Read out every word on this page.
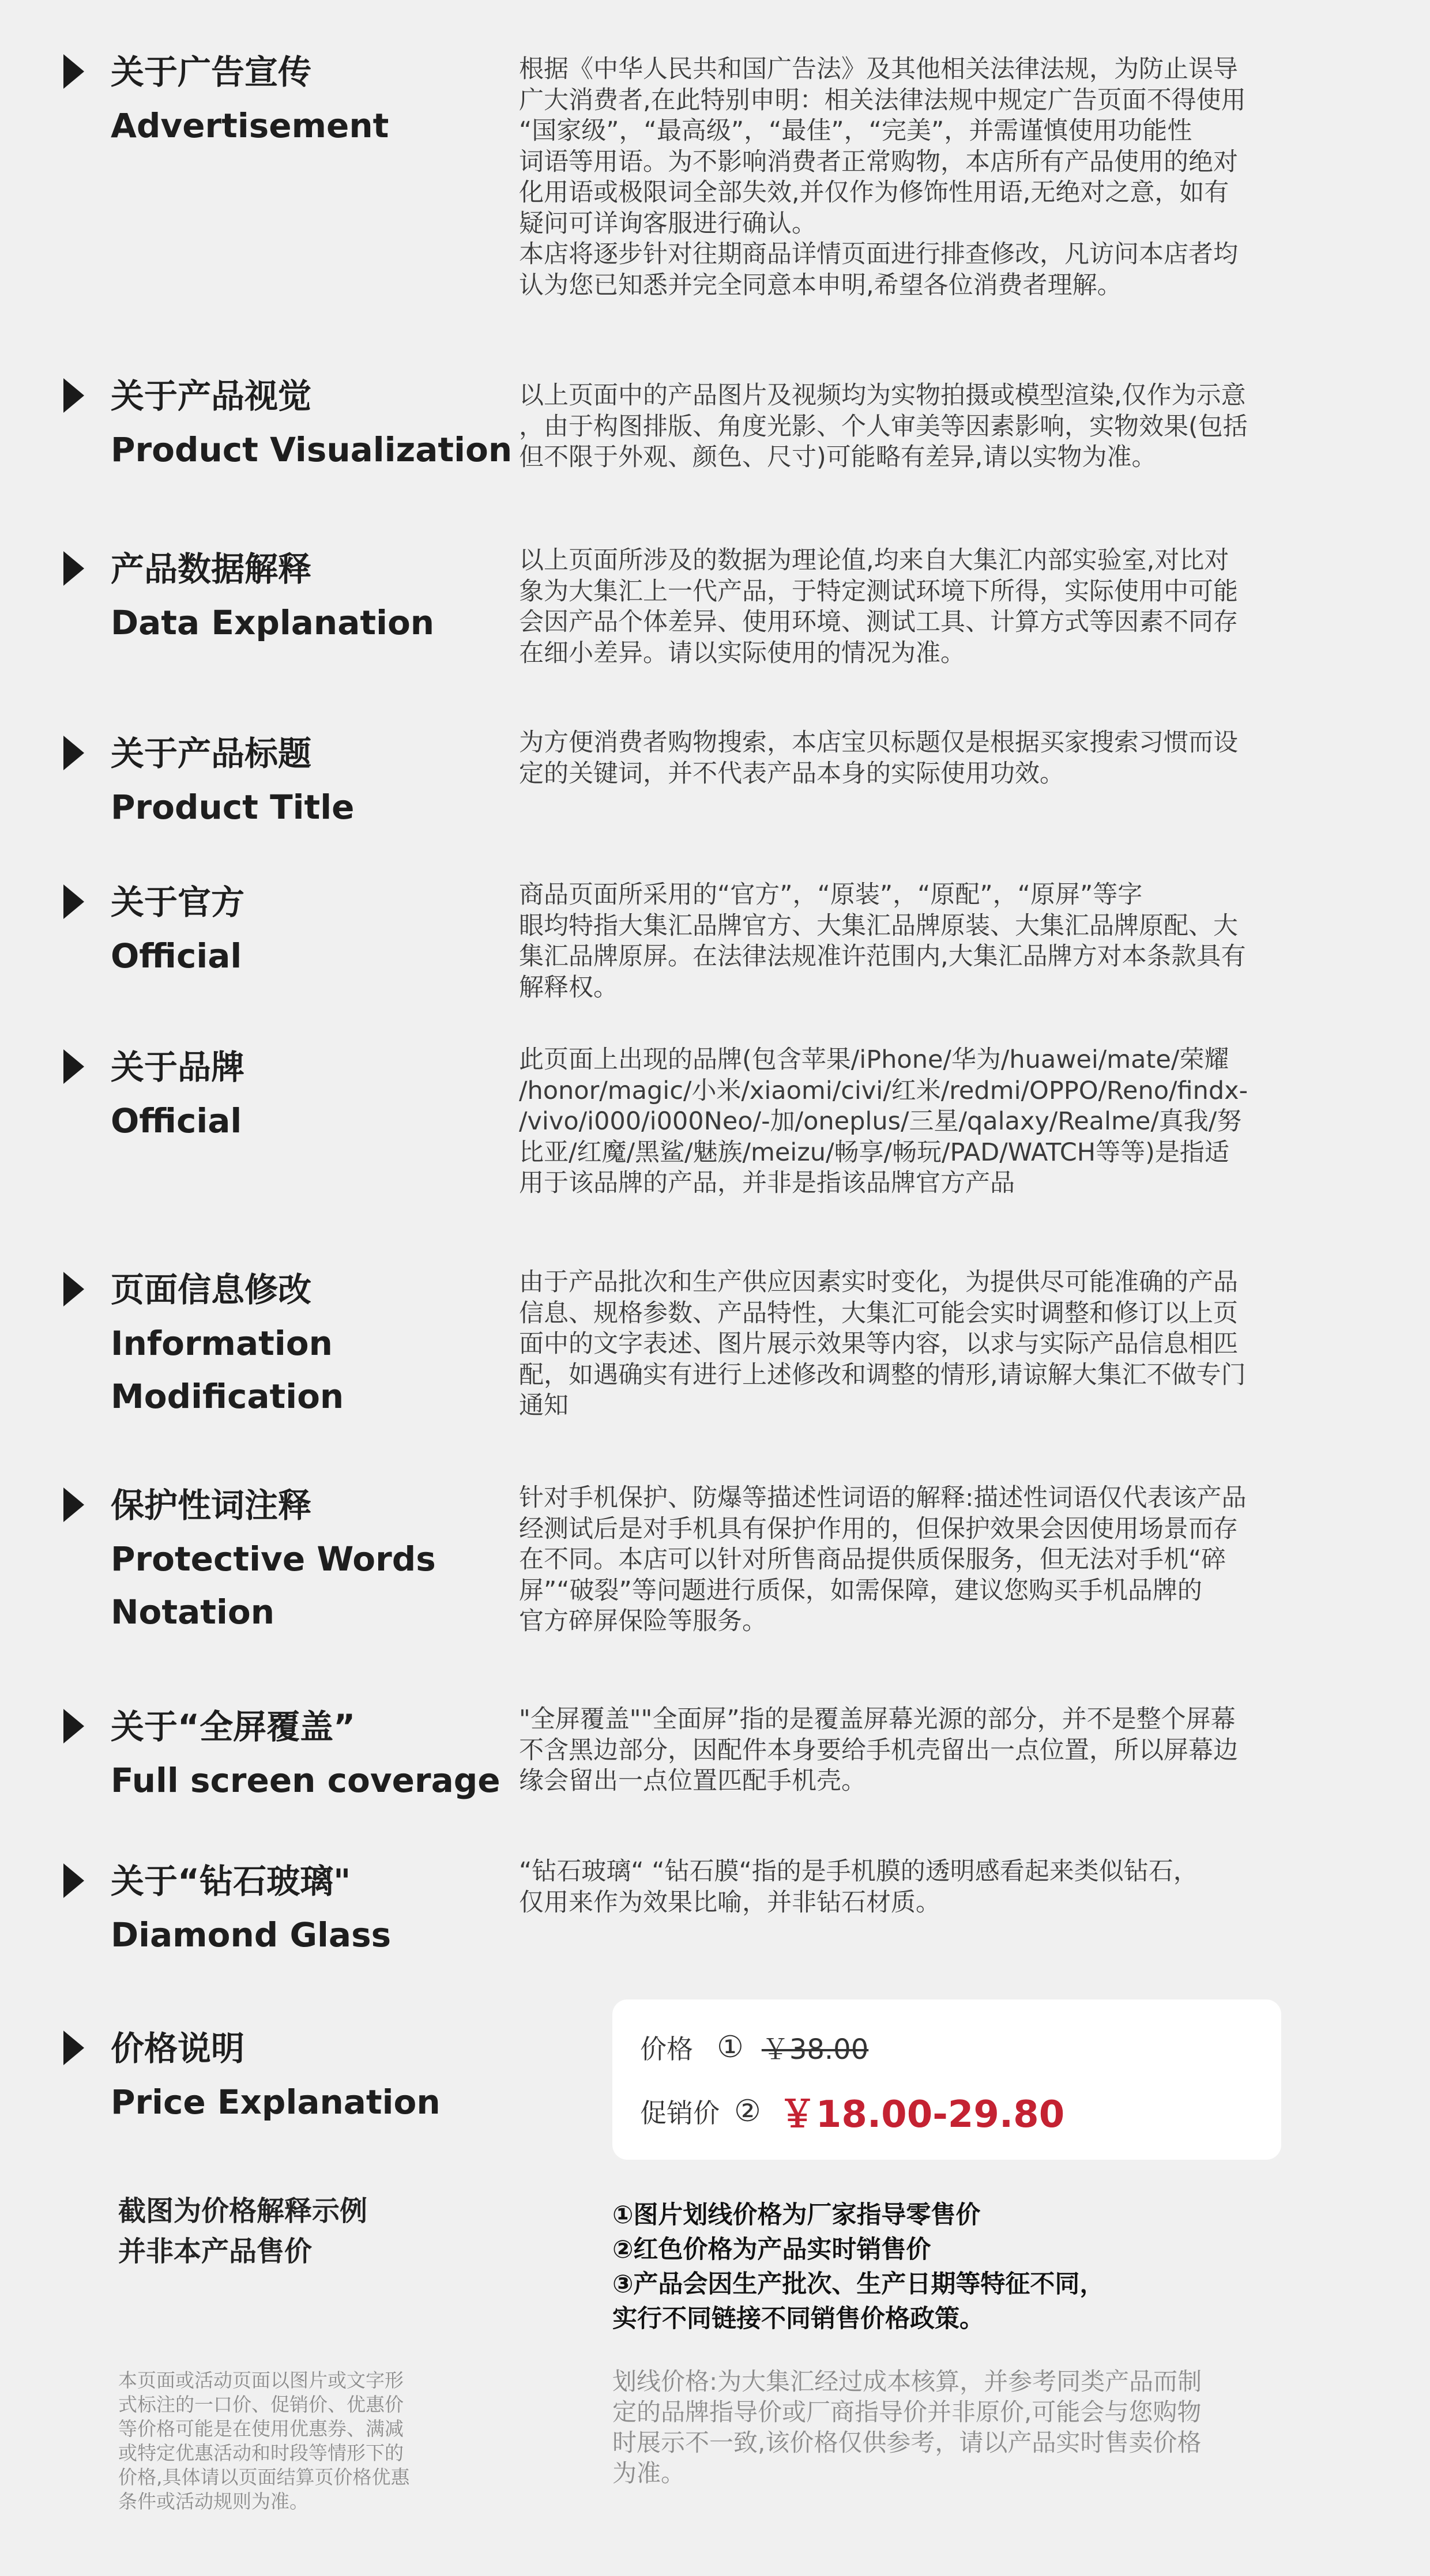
关于广告宣传
Advertisement
根据《中华人民共和国广告法》及其他相关法律法规，为防止误导
广大消费者,在此特别申明：相关法律法规中规定广告页面不得使用
“国家级”，“最高级”，“最佳”，“完美”，并需谨慎使用功能性
词语等用语。为不影响消费者正常购物，本店所有产品使用的绝对
化用语或极限词全部失效,并仅作为修饰性用语,无绝对之意，如有
疑问可详询客服进行确认。
本店将逐步针对往期商品详情页面进行排查修改，凡访问本店者均
认为您已知悉并完全同意本申明,希望各位消费者理解。
关于产品视觉
Product Visualization
以上页面中的产品图片及视频均为实物拍摄或模型渲染,仅作为示意
，由于构图排版、角度光影、个人审美等因素影响，实物效果(包括
但不限于外观、颜色、尺寸)可能略有差异,请以实物为准。
产品数据解释
Data Explanation
以上页面所涉及的数据为理论值,均来自大集汇内部实验室,对比对
象为大集汇上一代产品，于特定测试环境下所得，实际使用中可能
会因产品个体差异、使用环境、测试工具、计算方式等因素不同存
在细小差异。请以实际使用的情况为准。
关于产品标题
Product Title
为方便消费者购物搜索，本店宝贝标题仅是根据买家搜索习惯而设
定的关键词，并不代表产品本身的实际使用功效。
关于官方
Official
商品页面所采用的“官方”，“原装”，“原配”，“原屏”等字
眼均特指大集汇品牌官方、大集汇品牌原装、大集汇品牌原配、大
集汇品牌原屏。在法律法规准许范围内,大集汇品牌方对本条款具有
解释权。
关于品牌
Official
此页面上出现的品牌(包含苹果/iPhone/华为/huawei/mate/荣耀
/honor/magic/小米/xiaomi/civi/红米/redmi/OPPO/Reno/findx-
/vivo/i000/i000Neo/-加/oneplus/三星/qalaxy/Realme/真我/努
比亚/红魔/黑鲨/魅族/meizu/畅享/畅玩/PAD/WATCH等等)是指适
用于该品牌的产品，并非是指该品牌官方产品
页面信息修改
Information
Modification
由于产品批次和生产供应因素实时变化，为提供尽可能准确的产品
信息、规格参数、产品特性，大集汇可能会实时调整和修订以上页
面中的文字表述、图片展示效果等内容，以求与实际产品信息相匹
配，如遇确实有进行上述修改和调整的情形,请谅解大集汇不做专门
通知
保护性词注释
Protective Words
Notation
针对手机保护、防爆等描述性词语的解释:描述性词语仅代表该产品
经测试后是对手机具有保护作用的，但保护效果会因使用场景而存
在不同。本店可以针对所售商品提供质保服务，但无法对手机“碎
屏”“破裂”等问题进行质保，如需保障，建议您购买手机品牌的
官方碎屏保险等服务。
关于“全屏覆盖”
Full screen coverage
"全屏覆盖""全面屏”指的是覆盖屏幕光源的部分，并不是整个屏幕
不含黑边部分，因配件本身要给手机壳留出一点位置，所以屏幕边
缘会留出一点位置匹配手机壳。
关于“钻石玻璃"
Diamond Glass
“钻石玻璃“ “钻石膜“指的是手机膜的透明感看起来类似钻石，
仅用来作为效果比喻，并非钻石材质。
价格说明
Price Explanation
价格 ① ￥38.00
促销价 ② ￥18.00-29.80
截图为价格解释示例
并非本产品售价
①图片划线价格为厂家指导零售价
②红色价格为产品实时销售价
③产品会因生产批次、生产日期等特征不同，
实行不同链接不同销售价格政策。
本页面或活动页面以图片或文字形
式标注的一口价、促销价、优惠价
等价格可能是在使用优惠券、满减
或特定优惠活动和时段等情形下的
价格,具体请以页面结算页价格优惠
条件或活动规则为准。
划线价格:为大集汇经过成本核算，并参考同类产品而制
定的品牌指导价或厂商指导价并非原价,可能会与您购物
时展示不一致,该价格仅供参考，请以产品实时售卖价格
为准。
